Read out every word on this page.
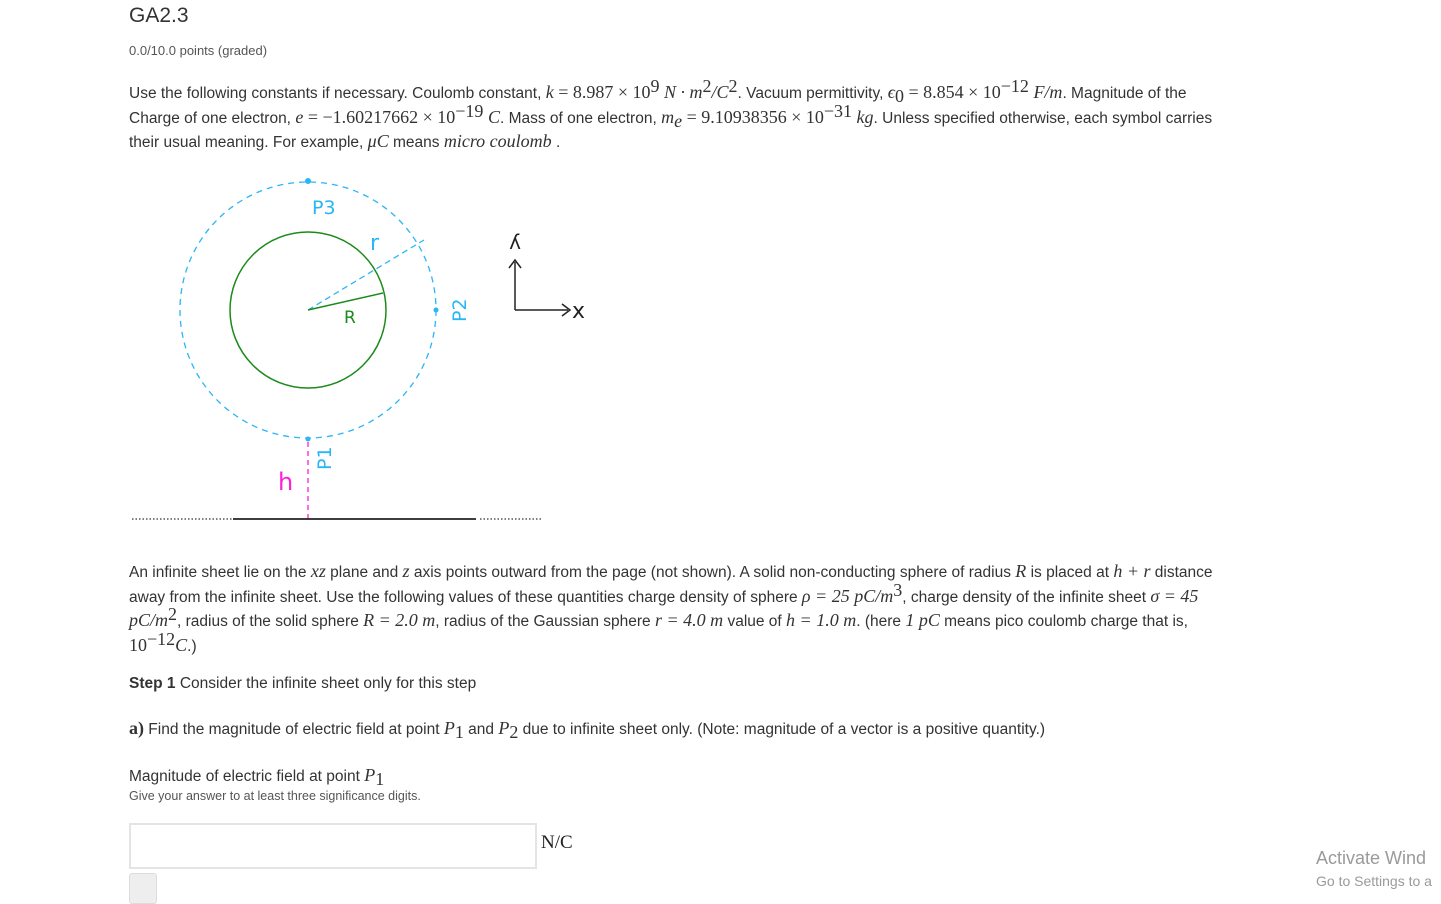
GA2.3
0.0/10.0 points (graded)
Use the following constants if necessary. Coulomb constant, $k = 8.987 \times 10^9$ $N \cdot m^2/C^2$. Vacuum permittivity, $\epsilon_0 = 8.854 \times 10^{-12}$ F/m. Magnitude of the Charge of one electron, $e = -1.60217662 \times 10^{-19}$ C. Mass of one electron, $m_e = 9.10938356 \times 10^{-31}$ kg. Unless specified otherwise, each symbol carries their usual meaning. For example, μC means micro coulomb .
P3
r
R	P2
P1
h
y
x
An infinite sheet lie on the xz plane and z axis points outward from the page (not shown). A solid non-conducting sphere of radius R is placed at h + r distance away from the infinite sheet. Use the following values of these quantities charge density of sphere ρ = 25 $pC/m^3$, charge density of the infinite sheet σ = 45 $pC/m^2$, radius of the solid sphere R = 2.0 m, radius of the Gaussian sphere r = 4.0 m value of h = 1.0 m. (here 1 pC means pico coulomb charge that is, $10^{-12}C$.)
Step 1 Consider the infinite sheet only for this step
a) Find the magnitude of electric field at point $P_1$ and $P_2$ due to infinite sheet only. (Note: magnitude of a vector is a positive quantity.)
Magnitude of electric field at point $P_1$
Give your answer to at least three significance digits.
N/C
Activate Wind
Go to Settings to a
